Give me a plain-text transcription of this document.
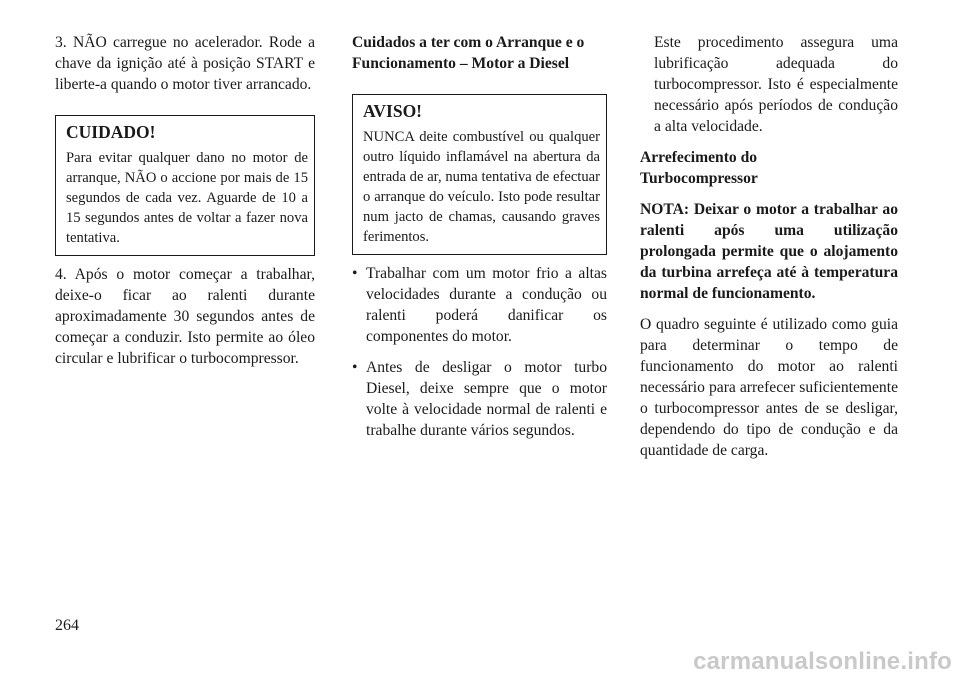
3. NÃO carregue no acelerador. Rode a chave da ignição até à posição START e liberte-a quando o motor tiver arrancado.

CUIDADO!
Para evitar qualquer dano no motor de arranque, NÃO o accione por mais de 15 segundos de cada vez. Aguarde de 10 a 15 segundos antes de voltar a fazer nova tentativa.

4. Após o motor começar a trabalhar, deixe-o ficar ao ralenti durante aproximadamente 30 segundos antes de começar a conduzir. Isto permite ao óleo circular e lubrificar o turbocompressor.

Cuidados a ter com o Arranque e o Funcionamento – Motor a Diesel

AVISO!
NUNCA deite combustível ou qualquer outro líquido inflamável na abertura da entrada de ar, numa tentativa de efectuar o arranque do veículo. Isto pode resultar num jacto de chamas, causando graves ferimentos.
• Trabalhar com um motor frio a altas velocidades durante a condução ou ralenti poderá danificar os componentes do motor.
• Antes de desligar o motor turbo Diesel, deixe sempre que o motor volte à velocidade normal de ralenti e trabalhe durante vários segundos.

Este procedimento assegura uma lubrificação adequada do turbocompressor. Isto é especialmente necessário após períodos de condução a alta velocidade.

Arrefecimento do Turbocompressor

NOTA: Deixar o motor a trabalhar ao ralenti após uma utilização prolongada permite que o alojamento da turbina arrefeça até à temperatura normal de funcionamento.

O quadro seguinte é utilizado como guia para determinar o tempo de funcionamento do motor ao ralenti necessário para arrefecer suficientemente o turbocompressor antes de se desligar, dependendo do tipo de condução e da quantidade de carga.

264
carmanualsonline.info
